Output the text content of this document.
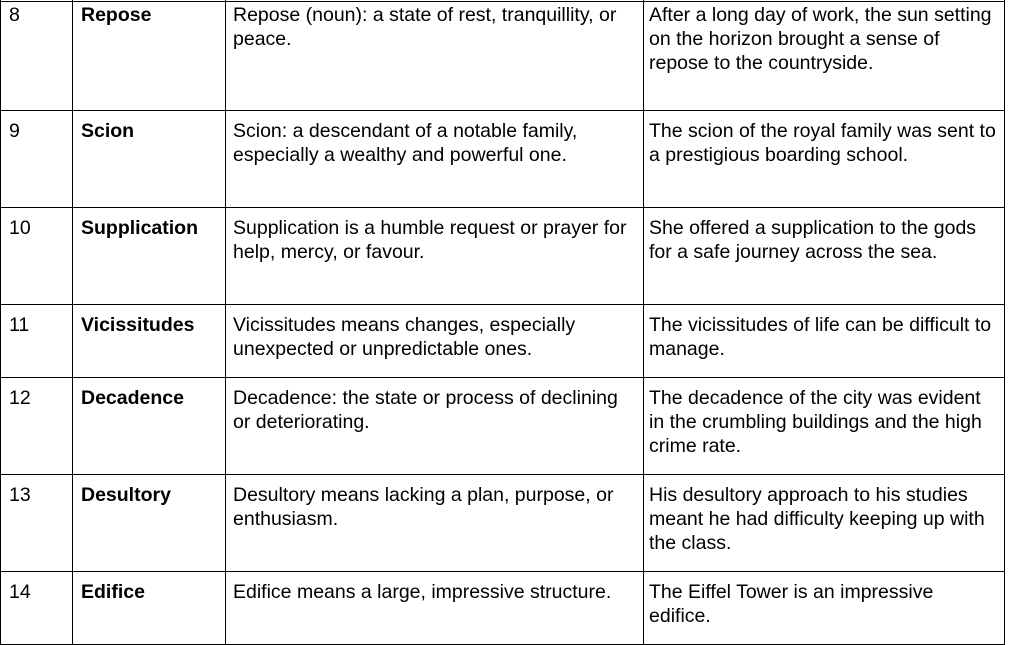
8	Repose	Repose (noun): a state of rest, tranquillity, or peace.	After a long day of work, the sun setting on the horizon brought a sense of repose to the countryside.

9	Scion	Scion: a descendant of a notable family, especially a wealthy and powerful one.	The scion of the royal family was sent to a prestigious boarding school.

10	Supplication	Supplication is a humble request or prayer for help, mercy, or favour.	She offered a supplication to the gods for a safe journey across the sea.

11	Vicissitudes	Vicissitudes means changes, especially unexpected or unpredictable ones.	The vicissitudes of life can be difficult to manage.

12	Decadence	Decadence: the state or process of declining or deteriorating.	The decadence of the city was evident in the crumbling buildings and the high crime rate.

13	Desultory	Desultory means lacking a plan, purpose, or enthusiasm.	His desultory approach to his studies meant he had difficulty keeping up with the class.

14	Edifice	Edifice means a large, impressive structure.	The Eiffel Tower is an impressive edifice.
